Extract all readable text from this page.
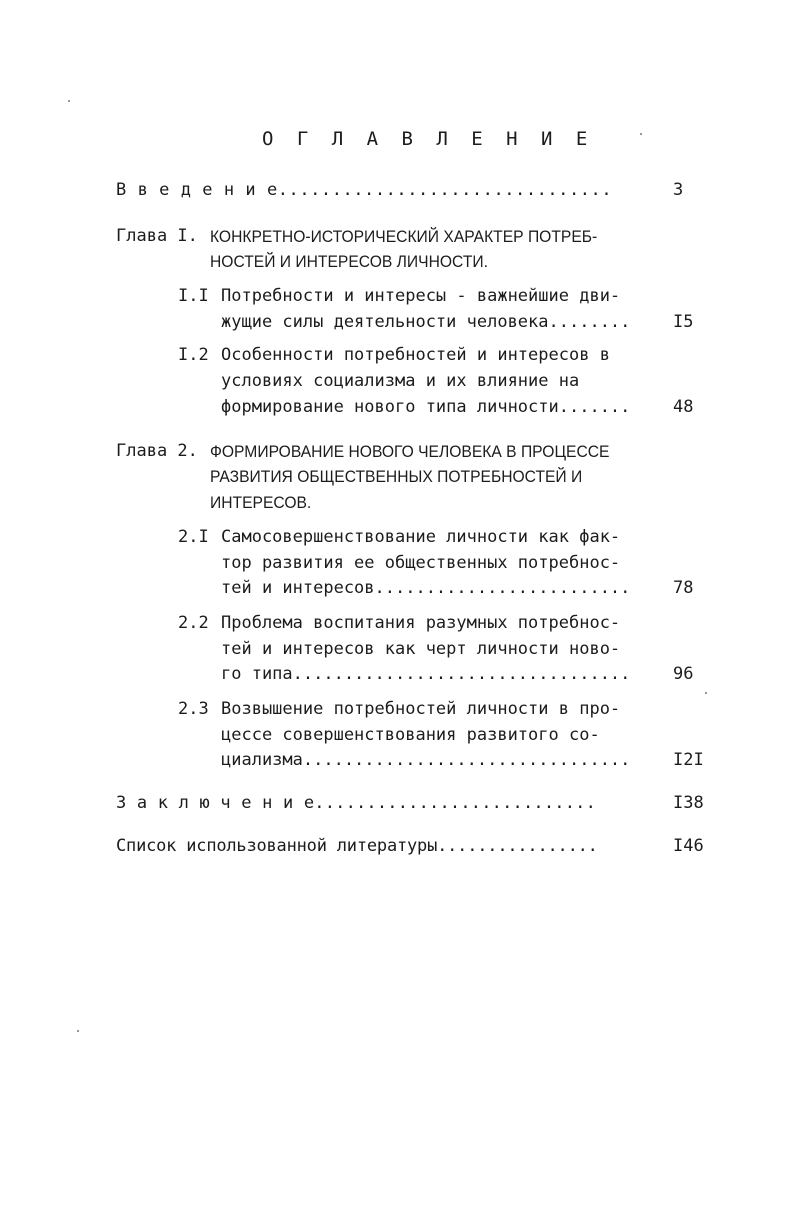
О Г Л А В Л Е Н И Е
В в е д е н и е...............................	3
Глава I. КОНКРЕТНО-ИСТОРИЧЕСКИЙ ХАРАКТЕР ПОТРЕБ-
НОСТЕЙ И ИНТЕРЕСОВ ЛИЧНОСТИ.
I.I Потребности и интересы - важнейшие дви-
жущие силы деятельности человека........	I5
I.2 Особенности потребностей и интересов в
условиях социализма и их влияние на
формирование нового типа личности.......	48
Глава 2. ФОРМИРОВАНИЕ НОВОГО ЧЕЛОВЕКА В ПРОЦЕССЕ
РАЗВИТИЯ ОБЩЕСТВЕННЫХ ПОТРЕБНОСТЕЙ И
ИНТЕРЕСОВ.
2.I Самосовершенствование личности как фак-
тор развития ее общественных потребнос-
тей и интересов.........................	78
2.2 Проблема воспитания разумных потребнос-
тей и интересов как черт личности ново-
го типа.................................	96
2.3 Возвышение потребностей личности в про-
цессе совершенствования развитого со-
циализма................................	I2I
З а к л ю ч е н и е...........................	I38
Список использованной литературы................	I46
